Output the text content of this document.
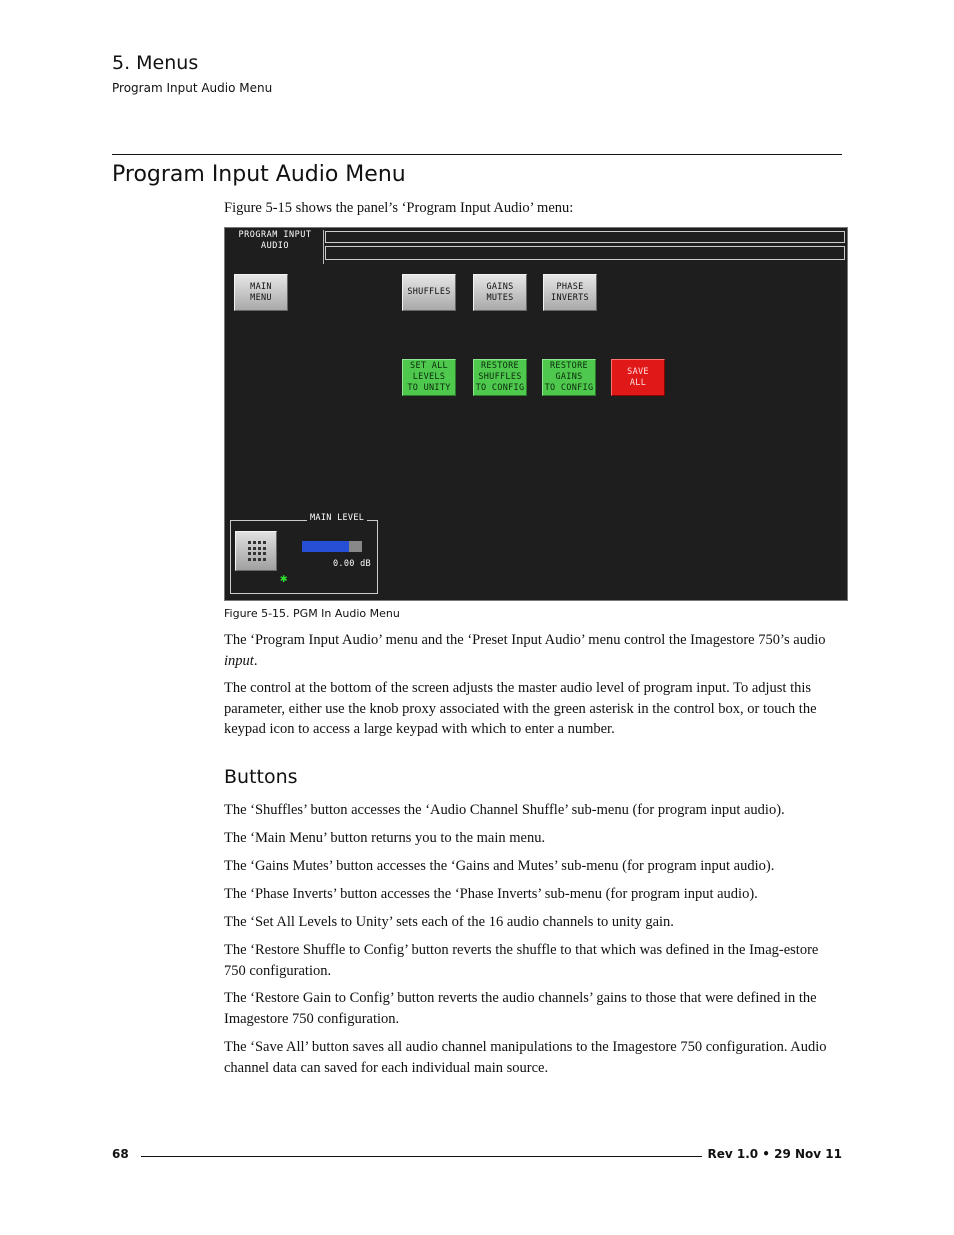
5. Menus
Program Input Audio Menu
Program Input Audio Menu
Figure 5-15 shows the panel’s ‘Program Input Audio’ menu:
PROGRAM INPUT
AUDIO
MAIN
MENU
SHUFFLES
GAINS
MUTES
PHASE
INVERTS
SET ALL
LEVELS
TO UNITY
RESTORE
SHUFFLES
TO CONFIG
RESTORE
GAINS
TO CONFIG
SAVE
ALL
MAIN LEVEL
0.00 dB
✱
Figure 5-15. PGM In Audio Menu
The ‘Program Input Audio’ menu and the ‘Preset Input Audio’ menu control the Imagestore 750’s audio input.
The control at the bottom of the screen adjusts the master audio level of program input. To adjust this parameter, either use the knob proxy associated with the green asterisk in the control box, or touch the keypad icon to access a large keypad with which to enter a number.
Buttons
The ‘Shuffles’ button accesses the ‘Audio Channel Shuffle’ sub-menu (for program input audio).
The ‘Main Menu’ button returns you to the main menu.
The ‘Gains Mutes’ button accesses the ‘Gains and Mutes’ sub-menu (for program input audio).
The ‘Phase Inverts’ button accesses the ‘Phase Inverts’ sub-menu (for program input audio).
The ‘Set All Levels to Unity’ sets each of the 16 audio channels to unity gain.
The ‘Restore Shuffle to Config’ button reverts the shuffle to that which was defined in the Imag-estore 750 configuration.
The ‘Restore Gain to Config’ button reverts the audio channels’ gains to those that were defined in the Imagestore 750 configuration.
The ‘Save All’ button saves all audio channel manipulations to the Imagestore 750 configuration. Audio channel data can saved for each individual main source.
68	Rev 1.0 • 29 Nov 11
